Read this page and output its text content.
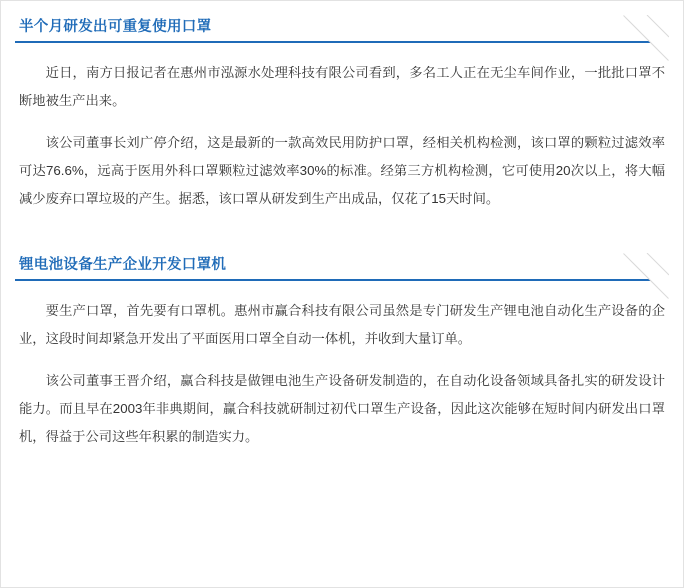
半个月研发出可重复使用口罩

近日，南方日报记者在惠州市泓源水处理科技有限公司看到，多名工人正在无尘车间作业，一批批口罩不断地被生产出来。

该公司董事长刘广停介绍，这是最新的一款高效民用防护口罩，经相关机构检测，该口罩的颗粒过滤效率可达76.6%，远高于医用外科口罩颗粒过滤效率30%的标准。经第三方机构检测，它可使用20次以上，将大幅减少废弃口罩垃圾的产生。据悉，该口罩从研发到生产出成品，仅花了15天时间。

锂电池设备生产企业开发口罩机

要生产口罩，首先要有口罩机。惠州市赢合科技有限公司虽然是专门研发生产锂电池自动化生产设备的企业，这段时间却紧急开发出了平面医用口罩全自动一体机，并收到大量订单。

该公司董事王晋介绍，赢合科技是做锂电池生产设备研发制造的，在自动化设备领域具备扎实的研发设计能力。而且早在2003年非典期间，赢合科技就研制过初代口罩生产设备，因此这次能够在短时间内研发出口罩机，得益于公司这些年积累的制造实力。
